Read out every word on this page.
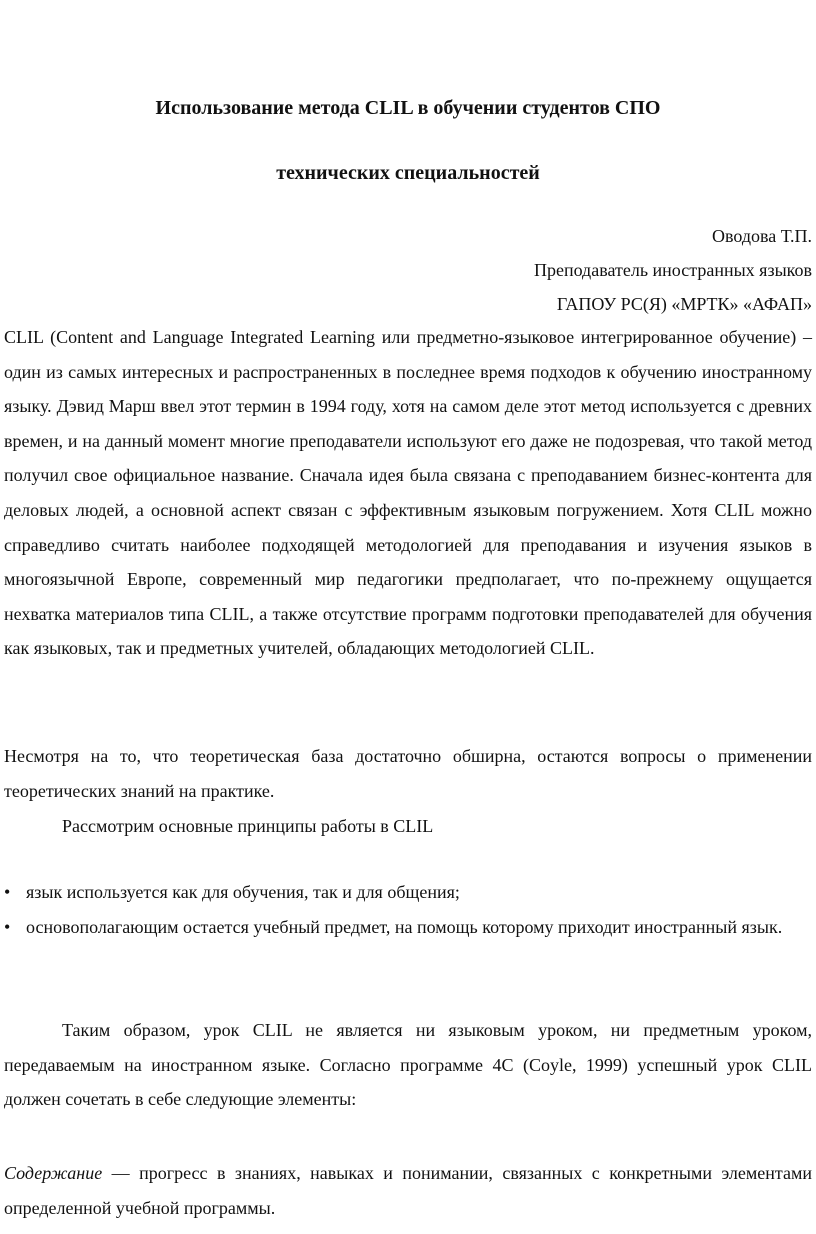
Использование метода CLIL в обучении студентов СПО
технических специальностей
Оводова Т.П.
Преподаватель иностранных языков
ГАПОУ РС(Я) «МРТК» «АФАП»

CLIL (Content and Language Integrated Learning или предметно-языковое интегрированное обучение) – один из самых интересных и распространенных в последнее время подходов к обучению иностранному языку. Дэвид Марш ввел этот термин в 1994 году, хотя на самом деле этот метод используется с древних времен, и на данный момент многие преподаватели используют его даже не подозревая, что такой метод получил свое официальное название. Сначала идея была связана с преподаванием бизнес-контента для деловых людей, а основной аспект связан с эффективным языковым погружением. Хотя CLIL можно справедливо считать наиболее подходящей методологией для преподавания и изучения языков в многоязычной Европе, современный мир педагогики предполагает, что по-прежнему ощущается нехватка материалов типа CLIL, а также отсутствие программ подготовки преподавателей для обучения как языковых, так и предметных учителей, обладающих методологией CLIL.

Несмотря на то, что теоретическая база достаточно обширна, остаются вопросы о применении теоретических знаний на практике.

Рассмотрим основные принципы работы в CLIL
• язык используется как для обучения, так и для общения;
• основополагающим остается учебный предмет, на помощь которому приходит иностранный язык.

Таким образом, урок CLIL не является ни языковым уроком, ни предметным уроком, передаваемым на иностранном языке. Согласно программе 4С (Coyle, 1999) успешный урок CLIL должен сочетать в себе следующие элементы:

Содержание — прогресс в знаниях, навыках и понимании, связанных с конкретными элементами определенной учебной программы.
